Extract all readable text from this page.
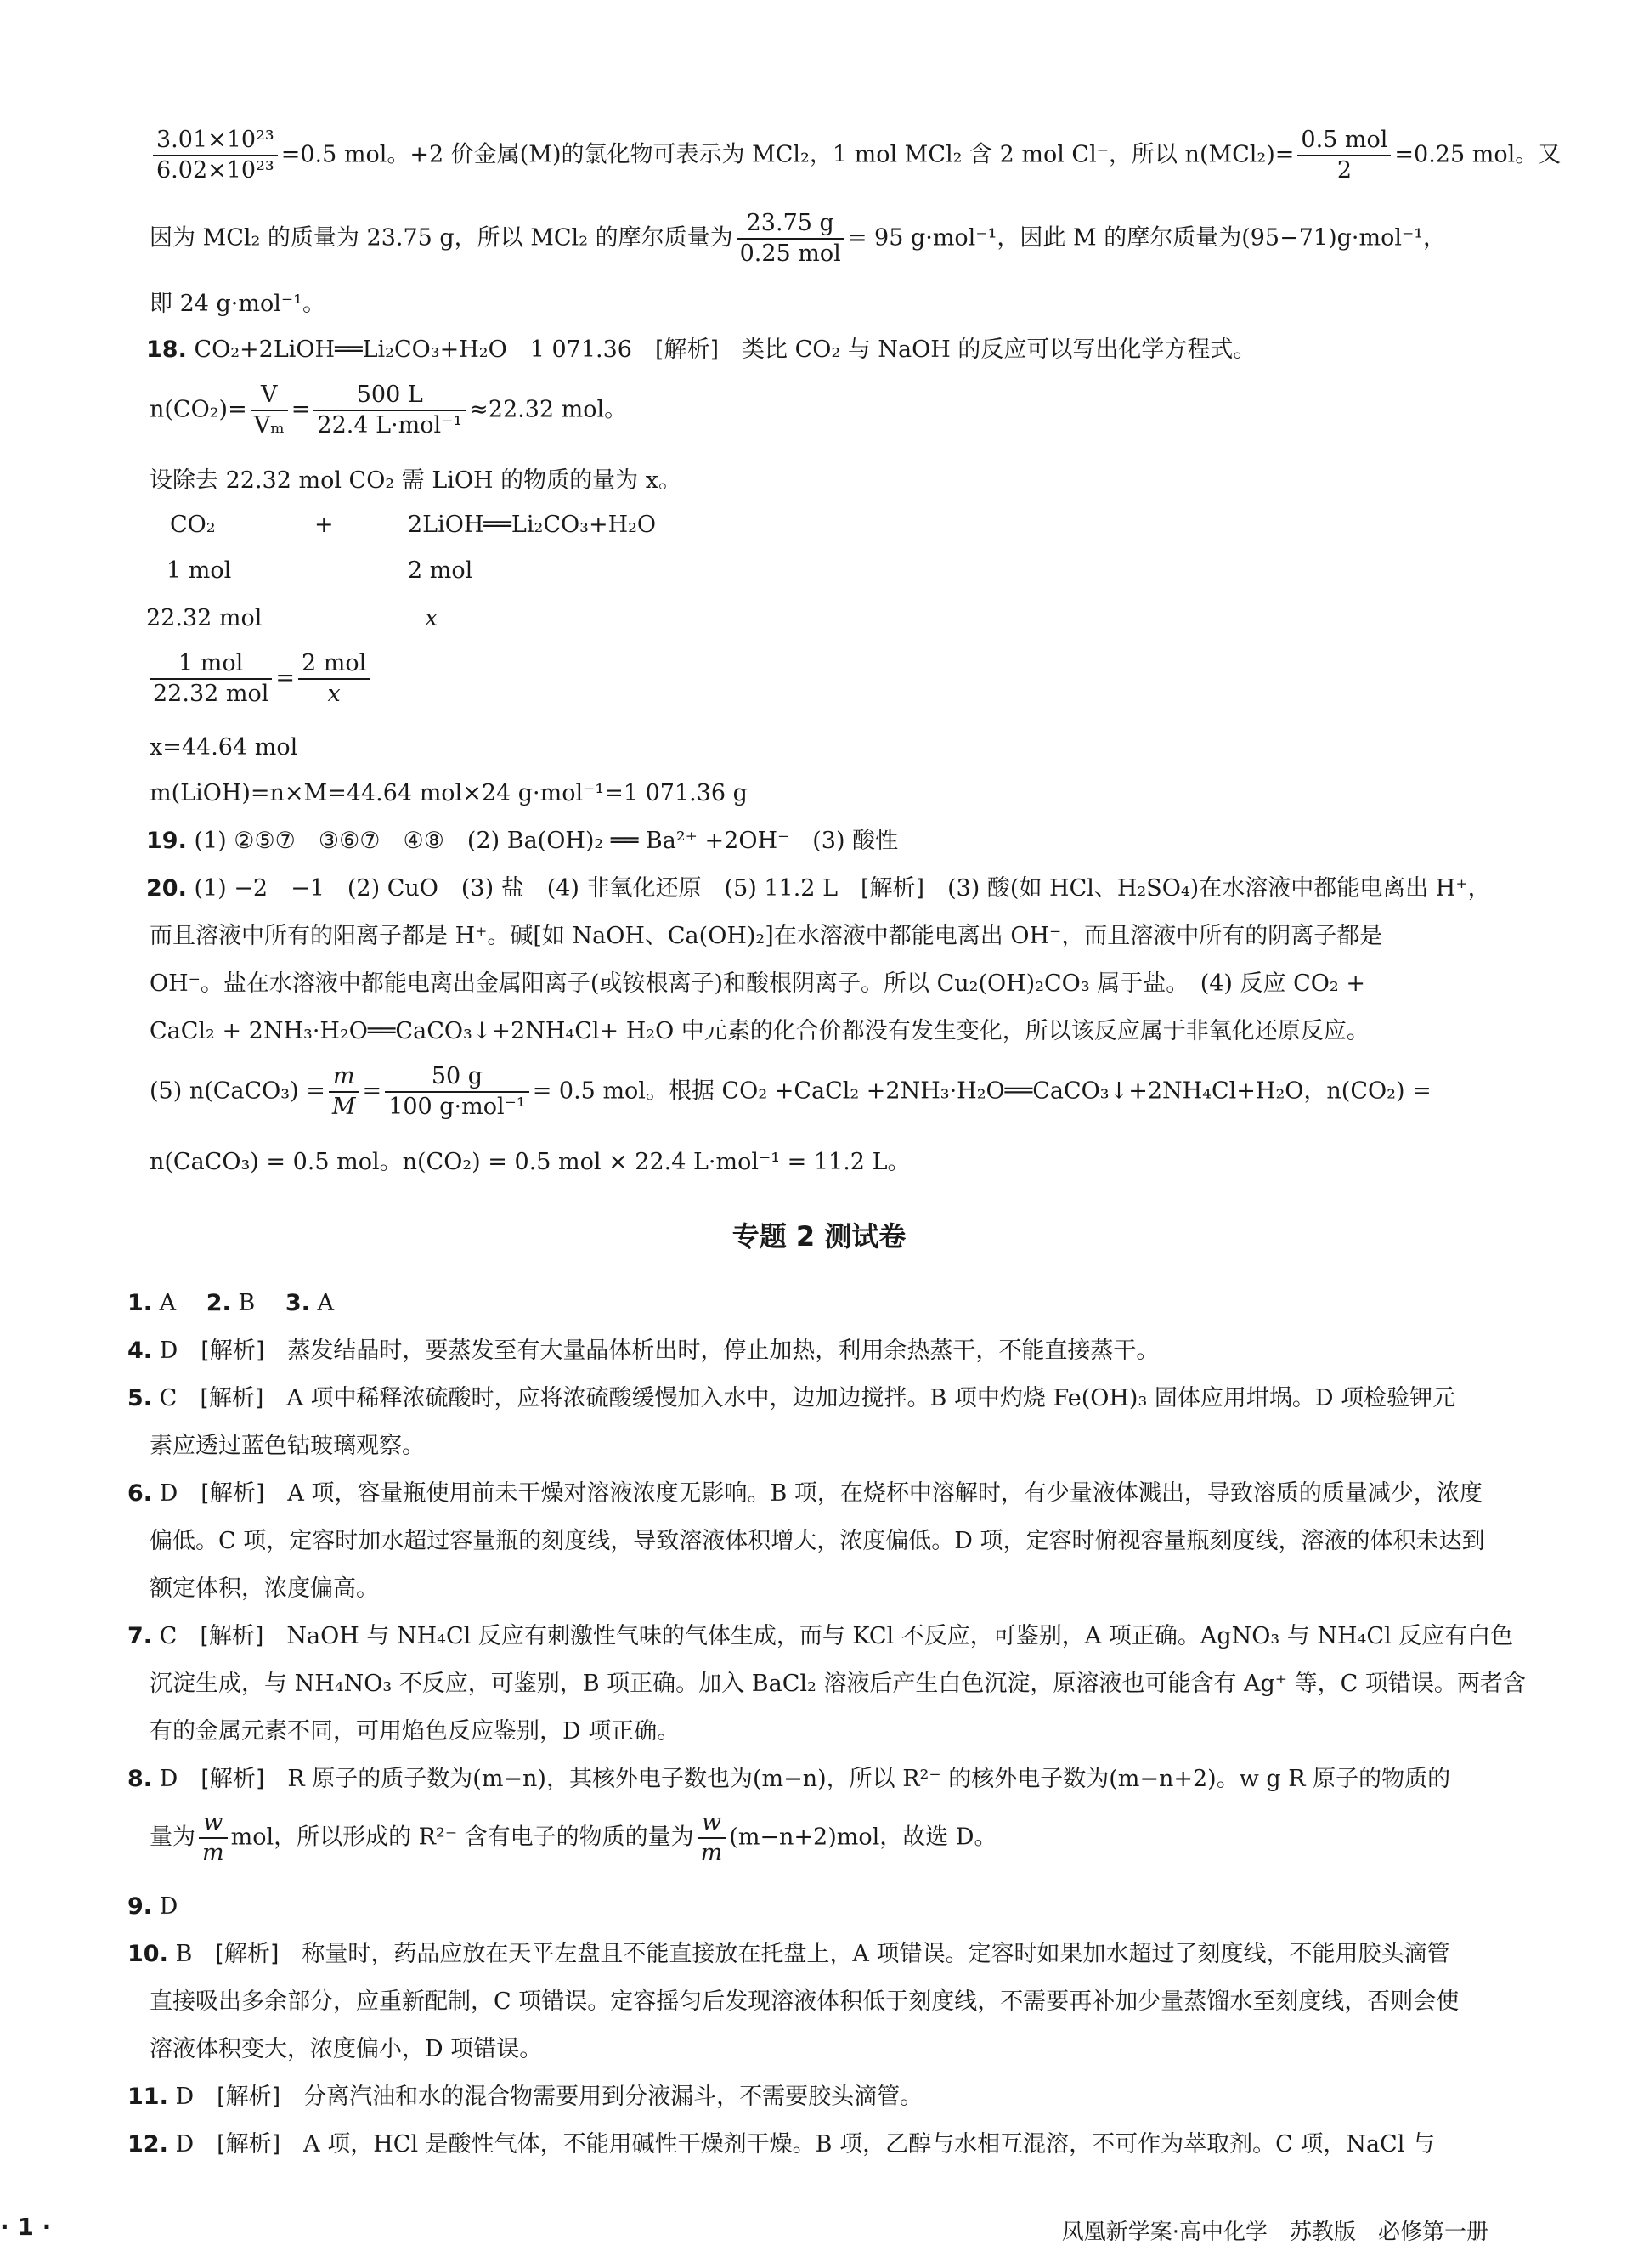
$\frac{\text{3.01×10²³}}{\text{6.02×10²³}} =0.5$ mol。+2 价金属(M)的氯化物可表示为 MCl₂，1 mol MCl₂ 含 2 mol Cl⁻，所以 $n(MCl_2)= \frac{\text{0.5 mol}}{2} =0.25$ mol。又
因为 MCl₂ 的质量为 23.75 g，所以 MCl₂ 的摩尔质量为 $\frac{23.75 g}{\text{0.25 mol}} = 95$ g·mol⁻¹，因此 M 的摩尔质量为(95−71)g·mol⁻¹，
即 24 g·mol⁻¹。
18. CO₂+2LiOH══Li₂CO₃+H₂O　1 071.36　[解析]　类比 CO₂ 与 NaOH 的反应可以写出化学方程式。
$n(CO_2)= \frac{V}{\text{Vₘ}} = \frac{500 L}{\text{22.4 L·mol⁻¹}} \approx 22.32$ mol。
设除去 22.32 mol CO₂ 需 LiOH 的物质的量为 x。
CO₂	+	2LiOH══Li₂CO₃+H₂O
1 mol	2 mol
22.32 mol	x
$\frac{\text{1 mol}}{\text{22.32 mol}} = \frac{\text{2 mol}}{x}$
x=44.64 mol
m(LiOH)=n×M=44.64 mol×24 g·mol⁻¹=1 071.36 g
19. (1) ②⑤⑦　③⑥⑦　④⑧　(2) Ba(OH)₂ ══ Ba²⁺ +2OH⁻　(3) 酸性
20. (1) −2　−1　(2) CuO　(3) 盐　(4) 非氧化还原　(5) 11.2 L　[解析]　(3) 酸(如 HCl、H₂SO₄)在水溶液中都能电离出 H⁺，
而且溶液中所有的阳离子都是 H⁺。碱[如 NaOH、Ca(OH)₂]在水溶液中都能电离出 OH⁻，而且溶液中所有的阴离子都是
OH⁻。盐在水溶液中都能电离出金属阳离子(或铵根离子)和酸根阴离子。所以 Cu₂(OH)₂CO₃ 属于盐。　(4) 反应 CO₂ +
CaCl₂ + 2NH₃·H₂O══CaCO₃↓+2NH₄Cl+ H₂O 中元素的化合价都没有发生变化，所以该反应属于非氧化还原反应。
(5) n(CaCO₃) = $\frac{m}{M} = \frac{50 g}{\text{100 g·mol⁻¹}} = 0.5$ mol。根据 CO₂ +CaCl₂ +2NH₃·H₂O══CaCO₃↓+2NH₄Cl+H₂O，n(CO₂) =
n(CaCO₃) = 0.5 mol。n(CO₂) = 0.5 mol × 22.4 L·mol⁻¹ = 11.2 L。
专题 2 测试卷
1. A　 2. B　 3. A
4. D　 [解析]　 蒸发结晶时，要蒸发至有大量晶体析出时，停止加热，利用余热蒸干，不能直接蒸干。
5. C　 [解析]　 A 项中稀释浓硫酸时，应将浓硫酸缓慢加入水中，边加边搅拌。B 项中灼烧 Fe(OH)₃ 固体应用坩埚。D 项检验钾元
素应透过蓝色钴玻璃观察。
6. D　 [解析]　 A 项，容量瓶使用前未干燥对溶液浓度无影响。B 项，在烧杯中溶解时，有少量液体溅出，导致溶质的质量减少，浓度
偏低。C 项，定容时加水超过容量瓶的刻度线，导致溶液体积增大，浓度偏低。D 项，定容时俯视容量瓶刻度线，溶液的体积未达到
额定体积，浓度偏高。
7. C　 [解析]　 NaOH 与 NH₄Cl 反应有刺激性气味的气体生成，而与 KCl 不反应，可鉴别，A 项正确。AgNO₃ 与 NH₄Cl 反应有白色
沉淀生成，与 NH₄NO₃ 不反应，可鉴别，B 项正确。加入 BaCl₂ 溶液后产生白色沉淀，原溶液也可能含有 Ag⁺ 等，C 项错误。两者含
有的金属元素不同，可用焰色反应鉴别，D 项正确。
8. D　 [解析]　 R 原子的质子数为(m−n)，其核外电子数也为(m−n)，所以 R²⁻ 的核外电子数为(m−n+2)。w g R 原子的物质的
量为 $\frac{w}{m}$ mol，所以形成的 R²⁻ 含有电子的物质的量为 $\frac{w}{m} (m-n+2)mol$，故选 D。
9. D
10. B　 [解析]　 称量时，药品应放在天平左盘且不能直接放在托盘上，A 项错误。定容时如果加水超过了刻度线，不能用胶头滴管
直接吸出多余部分，应重新配制，C 项错误。定容摇匀后发现溶液体积低于刻度线，不需要再补加少量蒸馏水至刻度线，否则会使
溶液体积变大，浓度偏小，D 项错误。
11. D　 [解析]　 分离汽油和水的混合物需要用到分液漏斗，不需要胶头滴管。
12. D　 [解析]　 A 项，HCl 是酸性气体，不能用碱性干燥剂干燥。B 项，乙醇与水相互混溶，不可作为萃取剂。C 项，NaCl 与
· 1 ·	凤凰新学案·高中化学　苏教版　必修第一册
